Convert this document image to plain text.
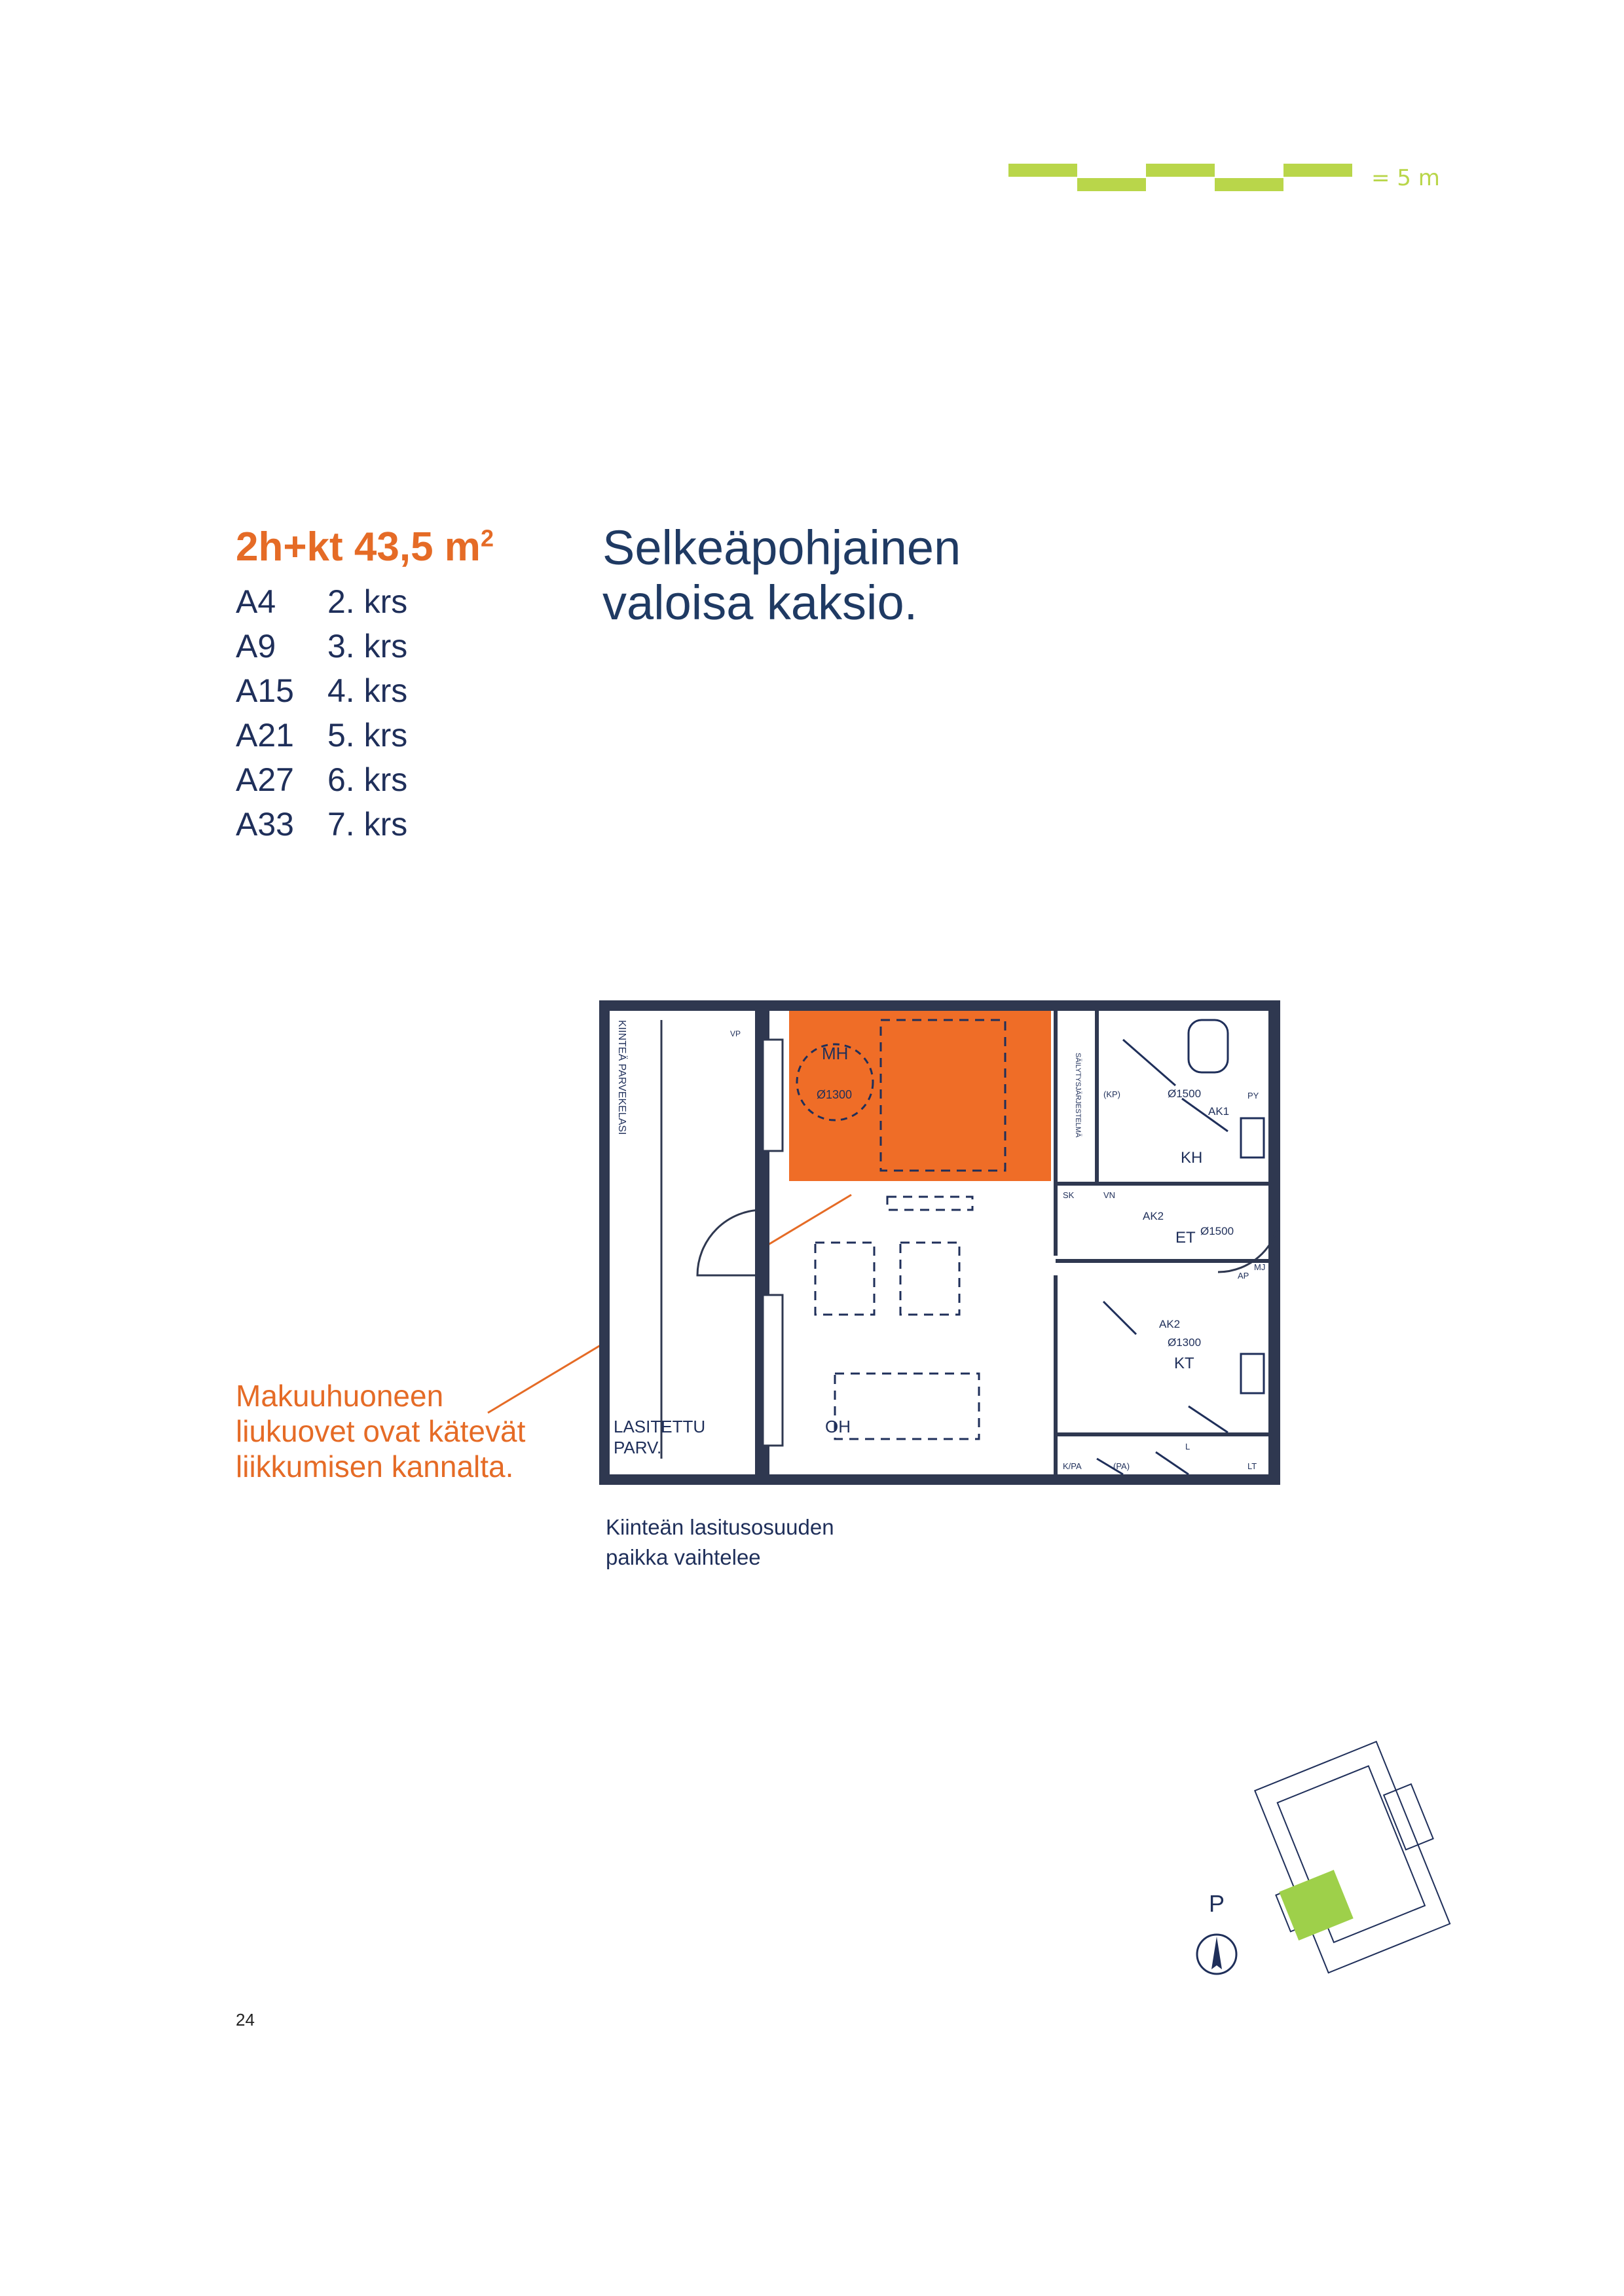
= 5 m
2h+kt 43,5 $m^2$
A4	2. krs
A9	3. krs
A15	4. krs
A21	5. krs
A27	6. krs
A33	7. krs
Selkeäpohjainen
valoisa kaksio.
Makuuhuoneen
liukuovet ovat kätevät
liikkumisen kannalta.
KIINTEÄ PARVEKELASI
LASITETTU
PARV.
VP
MH
Ø1300	SÄILYTYSJÄRJESTELMÄ
KH
Ø1500
AK1
(KP)	PY
SK	VN
ET Ø1500
AK2
AK2
Ø1300
KT
OH
AP
MJ
K/PA	(PA)	LT
L
Kiinteän lasitusosuuden
paikka vaihtelee
P
24
